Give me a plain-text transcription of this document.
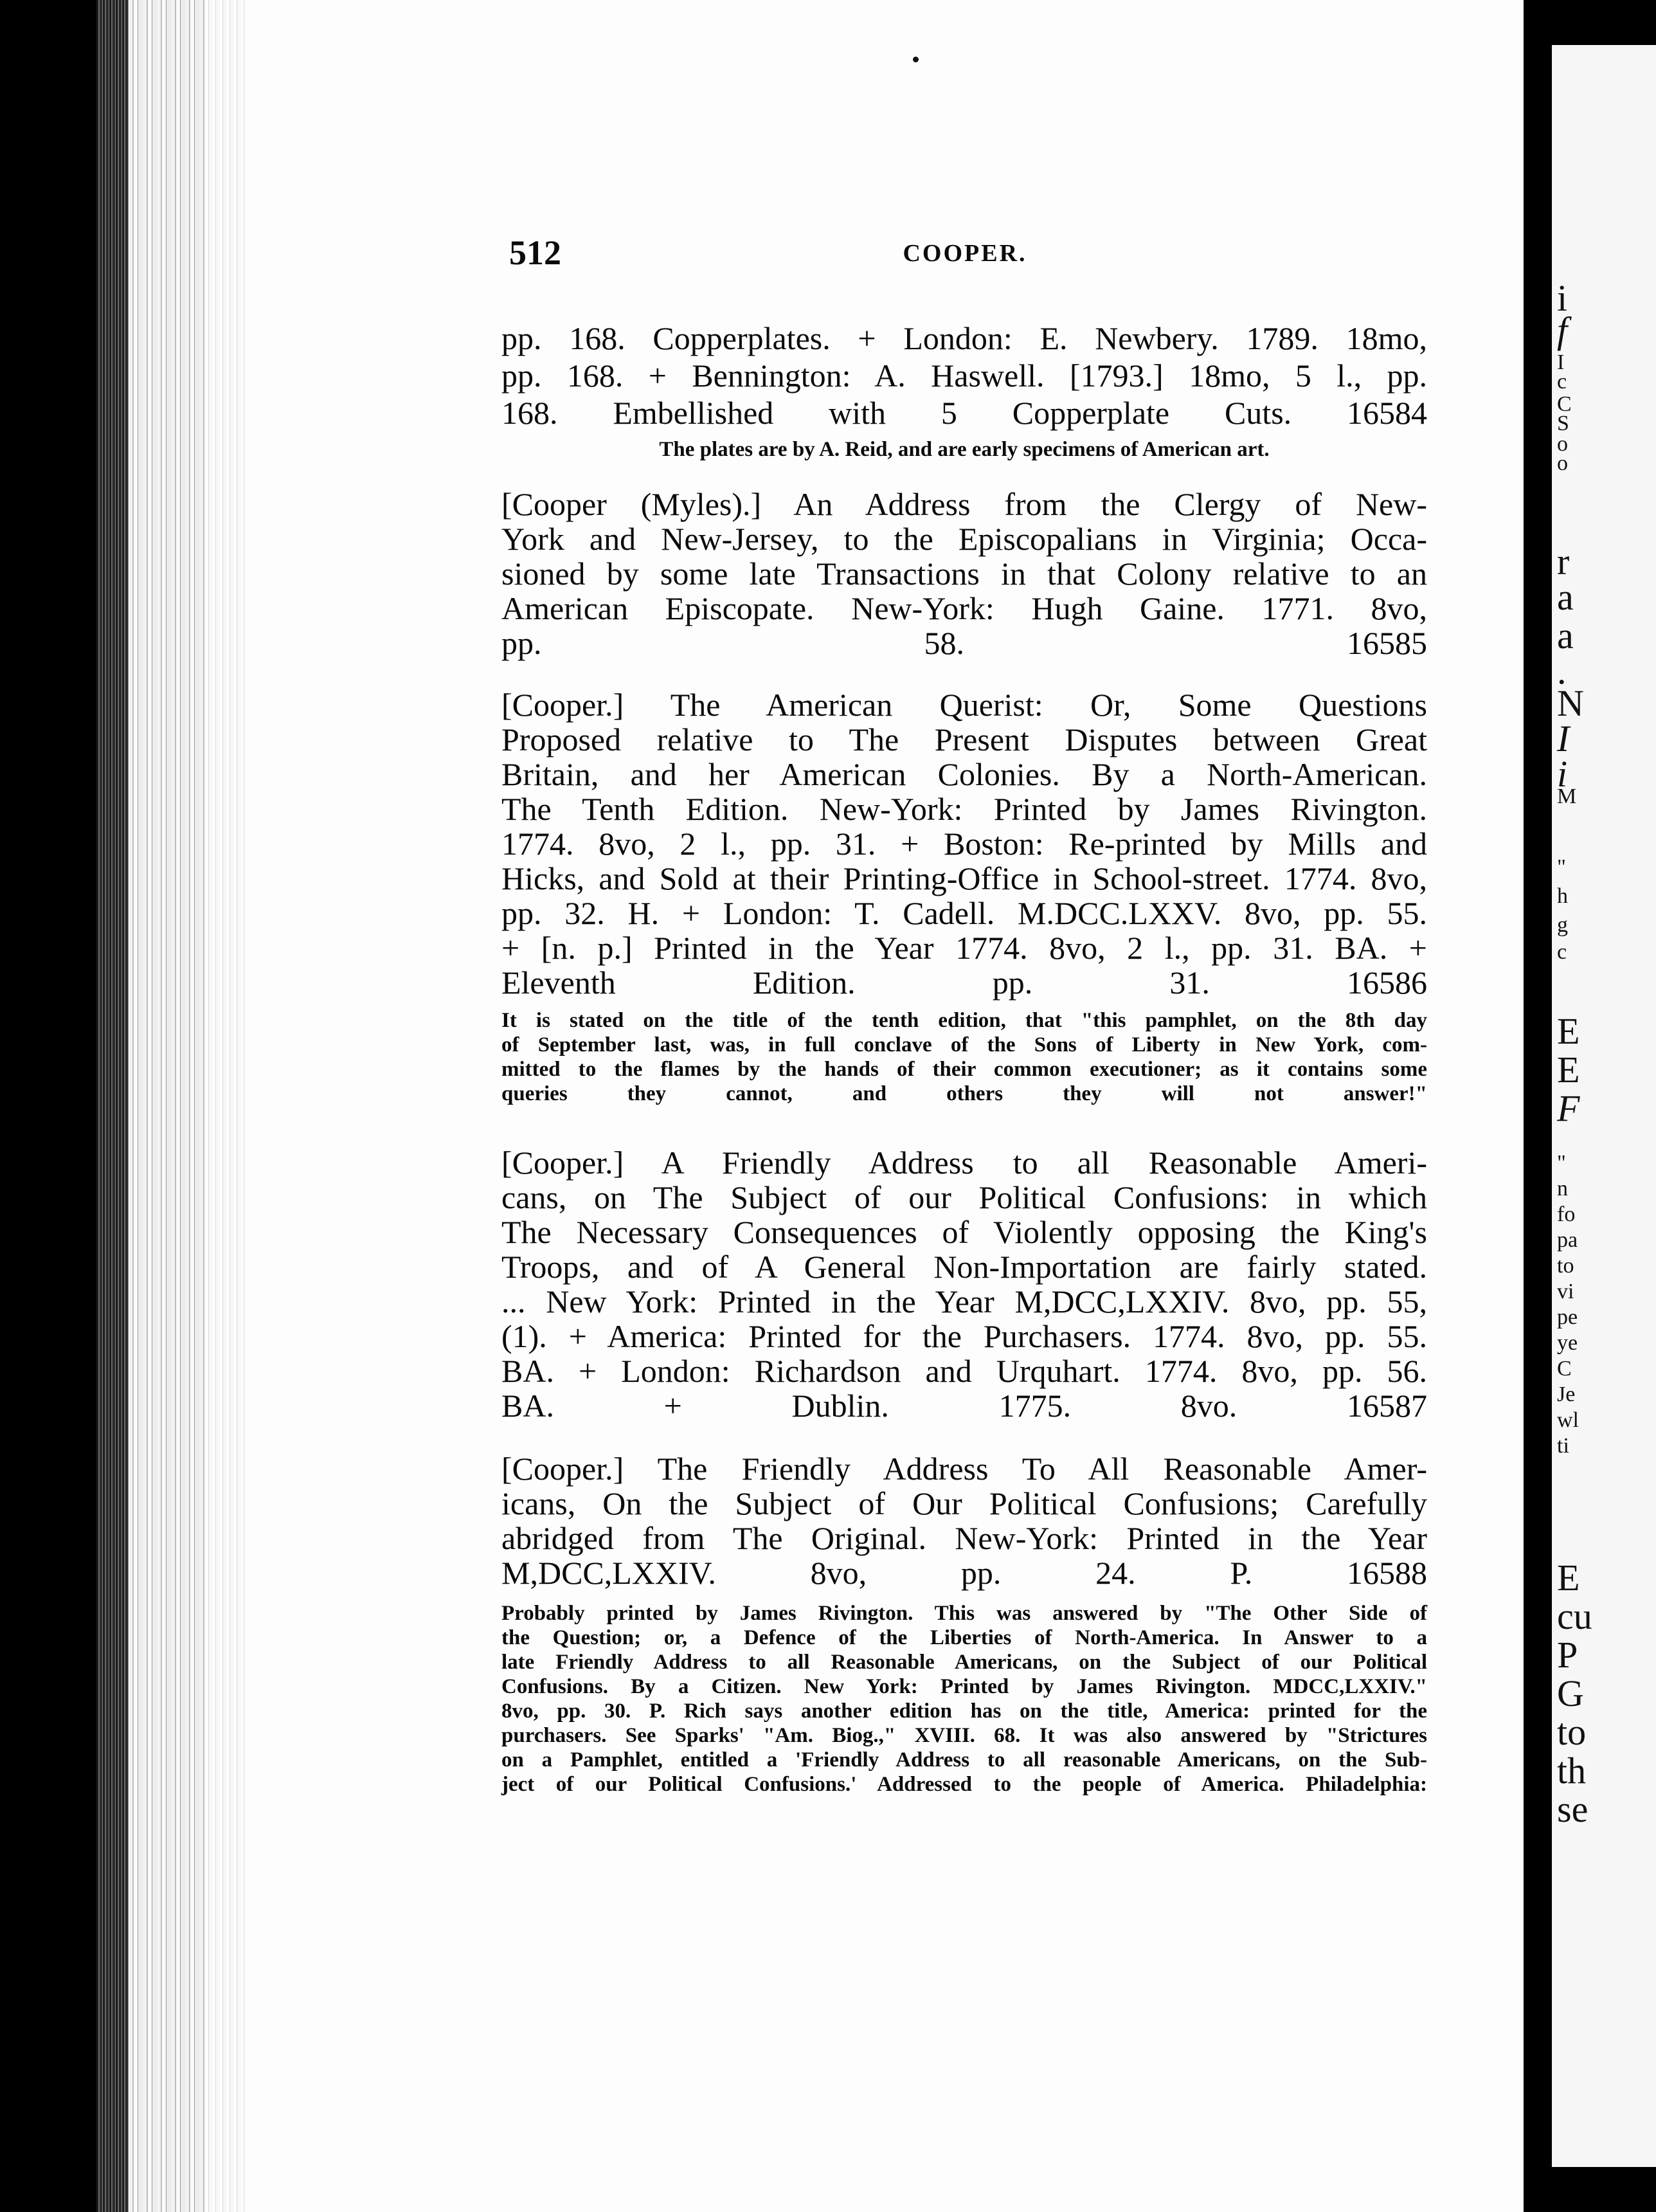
512	COOPER.

pp. 168. Copperplates. + London: E. Newbery. 1789. 18mo,

pp. 168. + Bennington: A. Haswell. [1793.] 18mo, 5 l., pp.

168. Embellished with 5 Copperplate Cuts. 16584

The plates are by A. Reid, and are early specimens of American art.

[Cooper (Myles).] An Address from the Clergy of New-

York and New-Jersey, to the Episcopalians in Virginia; Occa-

sioned by some late Transactions in that Colony relative to an

American Episcopate. New-York: Hugh Gaine. 1771. 8vo,

pp. 58. 16585

[Cooper.] The American Querist: Or, Some Questions

Proposed relative to The Present Disputes between Great

Britain, and her American Colonies. By a North-American.

The Tenth Edition. New-York: Printed by James Rivington.

1774. 8vo, 2 l., pp. 31. + Boston: Re-printed by Mills and

Hicks, and Sold at their Printing-Office in School-street. 1774. 8vo,

pp. 32. H. + London: T. Cadell. M.DCC.LXXV. 8vo, pp. 55.

+ [n. p.] Printed in the Year 1774. 8vo, 2 l., pp. 31. BA. +

Eleventh Edition. pp. 31. 16586

It is stated on the title of the tenth edition, that "this pamphlet, on the 8th day

of September last, was, in full conclave of the Sons of Liberty in New York, com-

mitted to the flames by the hands of their common executioner; as it contains some

queries they cannot, and others they will not answer!"

[Cooper.] A Friendly Address to all Reasonable Ameri-

cans, on The Subject of our Political Confusions: in which

The Necessary Consequences of Violently opposing the King's

Troops, and of A General Non-Importation are fairly stated.

... New York: Printed in the Year M,DCC,LXXIV. 8vo, pp. 55,

(1). + America: Printed for the Purchasers. 1774. 8vo, pp. 55.

BA. + London: Richardson and Urquhart. 1774. 8vo, pp. 56.

BA. + Dublin. 1775. 8vo. 16587

[Cooper.] The Friendly Address To All Reasonable Amer-

icans, On the Subject of Our Political Confusions; Carefully

abridged from The Original. New-York: Printed in the Year

M,DCC,LXXIV. 8vo, pp. 24. P. 16588

Probably printed by James Rivington. This was answered by "The Other Side of

the Question; or, a Defence of the Liberties of North-America. In Answer to a

late Friendly Address to all Reasonable Americans, on the Subject of our Political

Confusions. By a Citizen. New York: Printed by James Rivington. MDCC,LXXIV."

8vo, pp. 30. P. Rich says another edition has on the title, America: printed for the

purchasers. See Sparks' "Am. Biog.," XVIII. 68. It was also answered by "Strictures

on a Pamphlet, entitled a 'Friendly Address to all reasonable Americans, on the Sub-

ject of our Political Confusions.' Addressed to the people of America. Philadelphia:

i
f
I
c
C
S
o
o
r
a
a
.
N
I
i
M
"
h
g
c
E
E
F
"
n
fo
pa
to
vi
pe
ye
C
Je
wl
ti
E
cu
P
G
to
th
se
